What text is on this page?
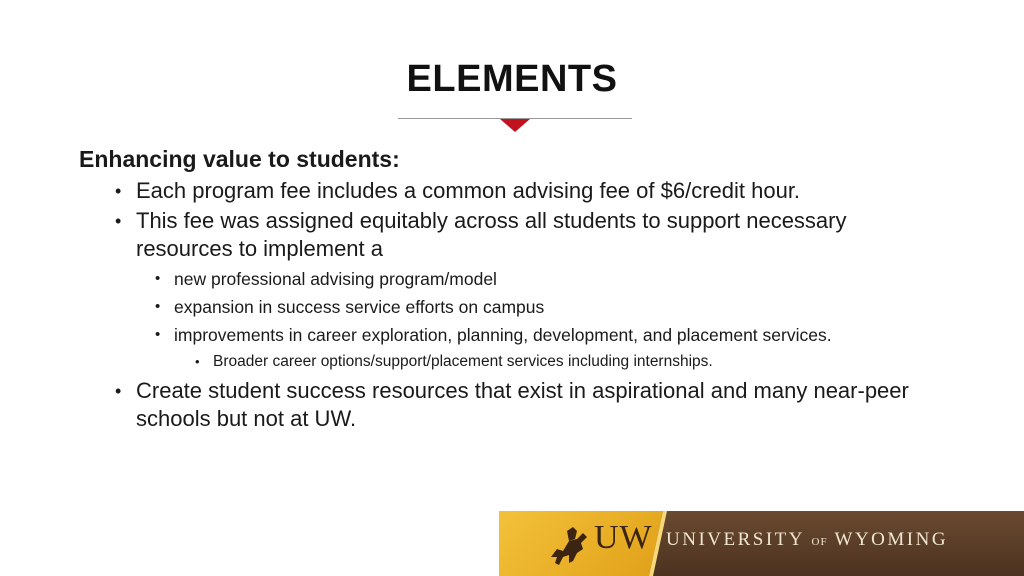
ELEMENTS
Enhancing value to students:
• Each program fee includes a common advising fee of $6/credit hour.
• This fee was assigned equitably across all students to support necessary resources to implement a
• new professional advising program/model
• expansion in success service efforts on campus
• improvements in career exploration, planning, development, and placement services.
• Broader career options/support/placement services including internships.
• Create student success resources that exist in aspirational and many near-peer schools but not at UW.
UW UNIVERSITY OF WYOMING
